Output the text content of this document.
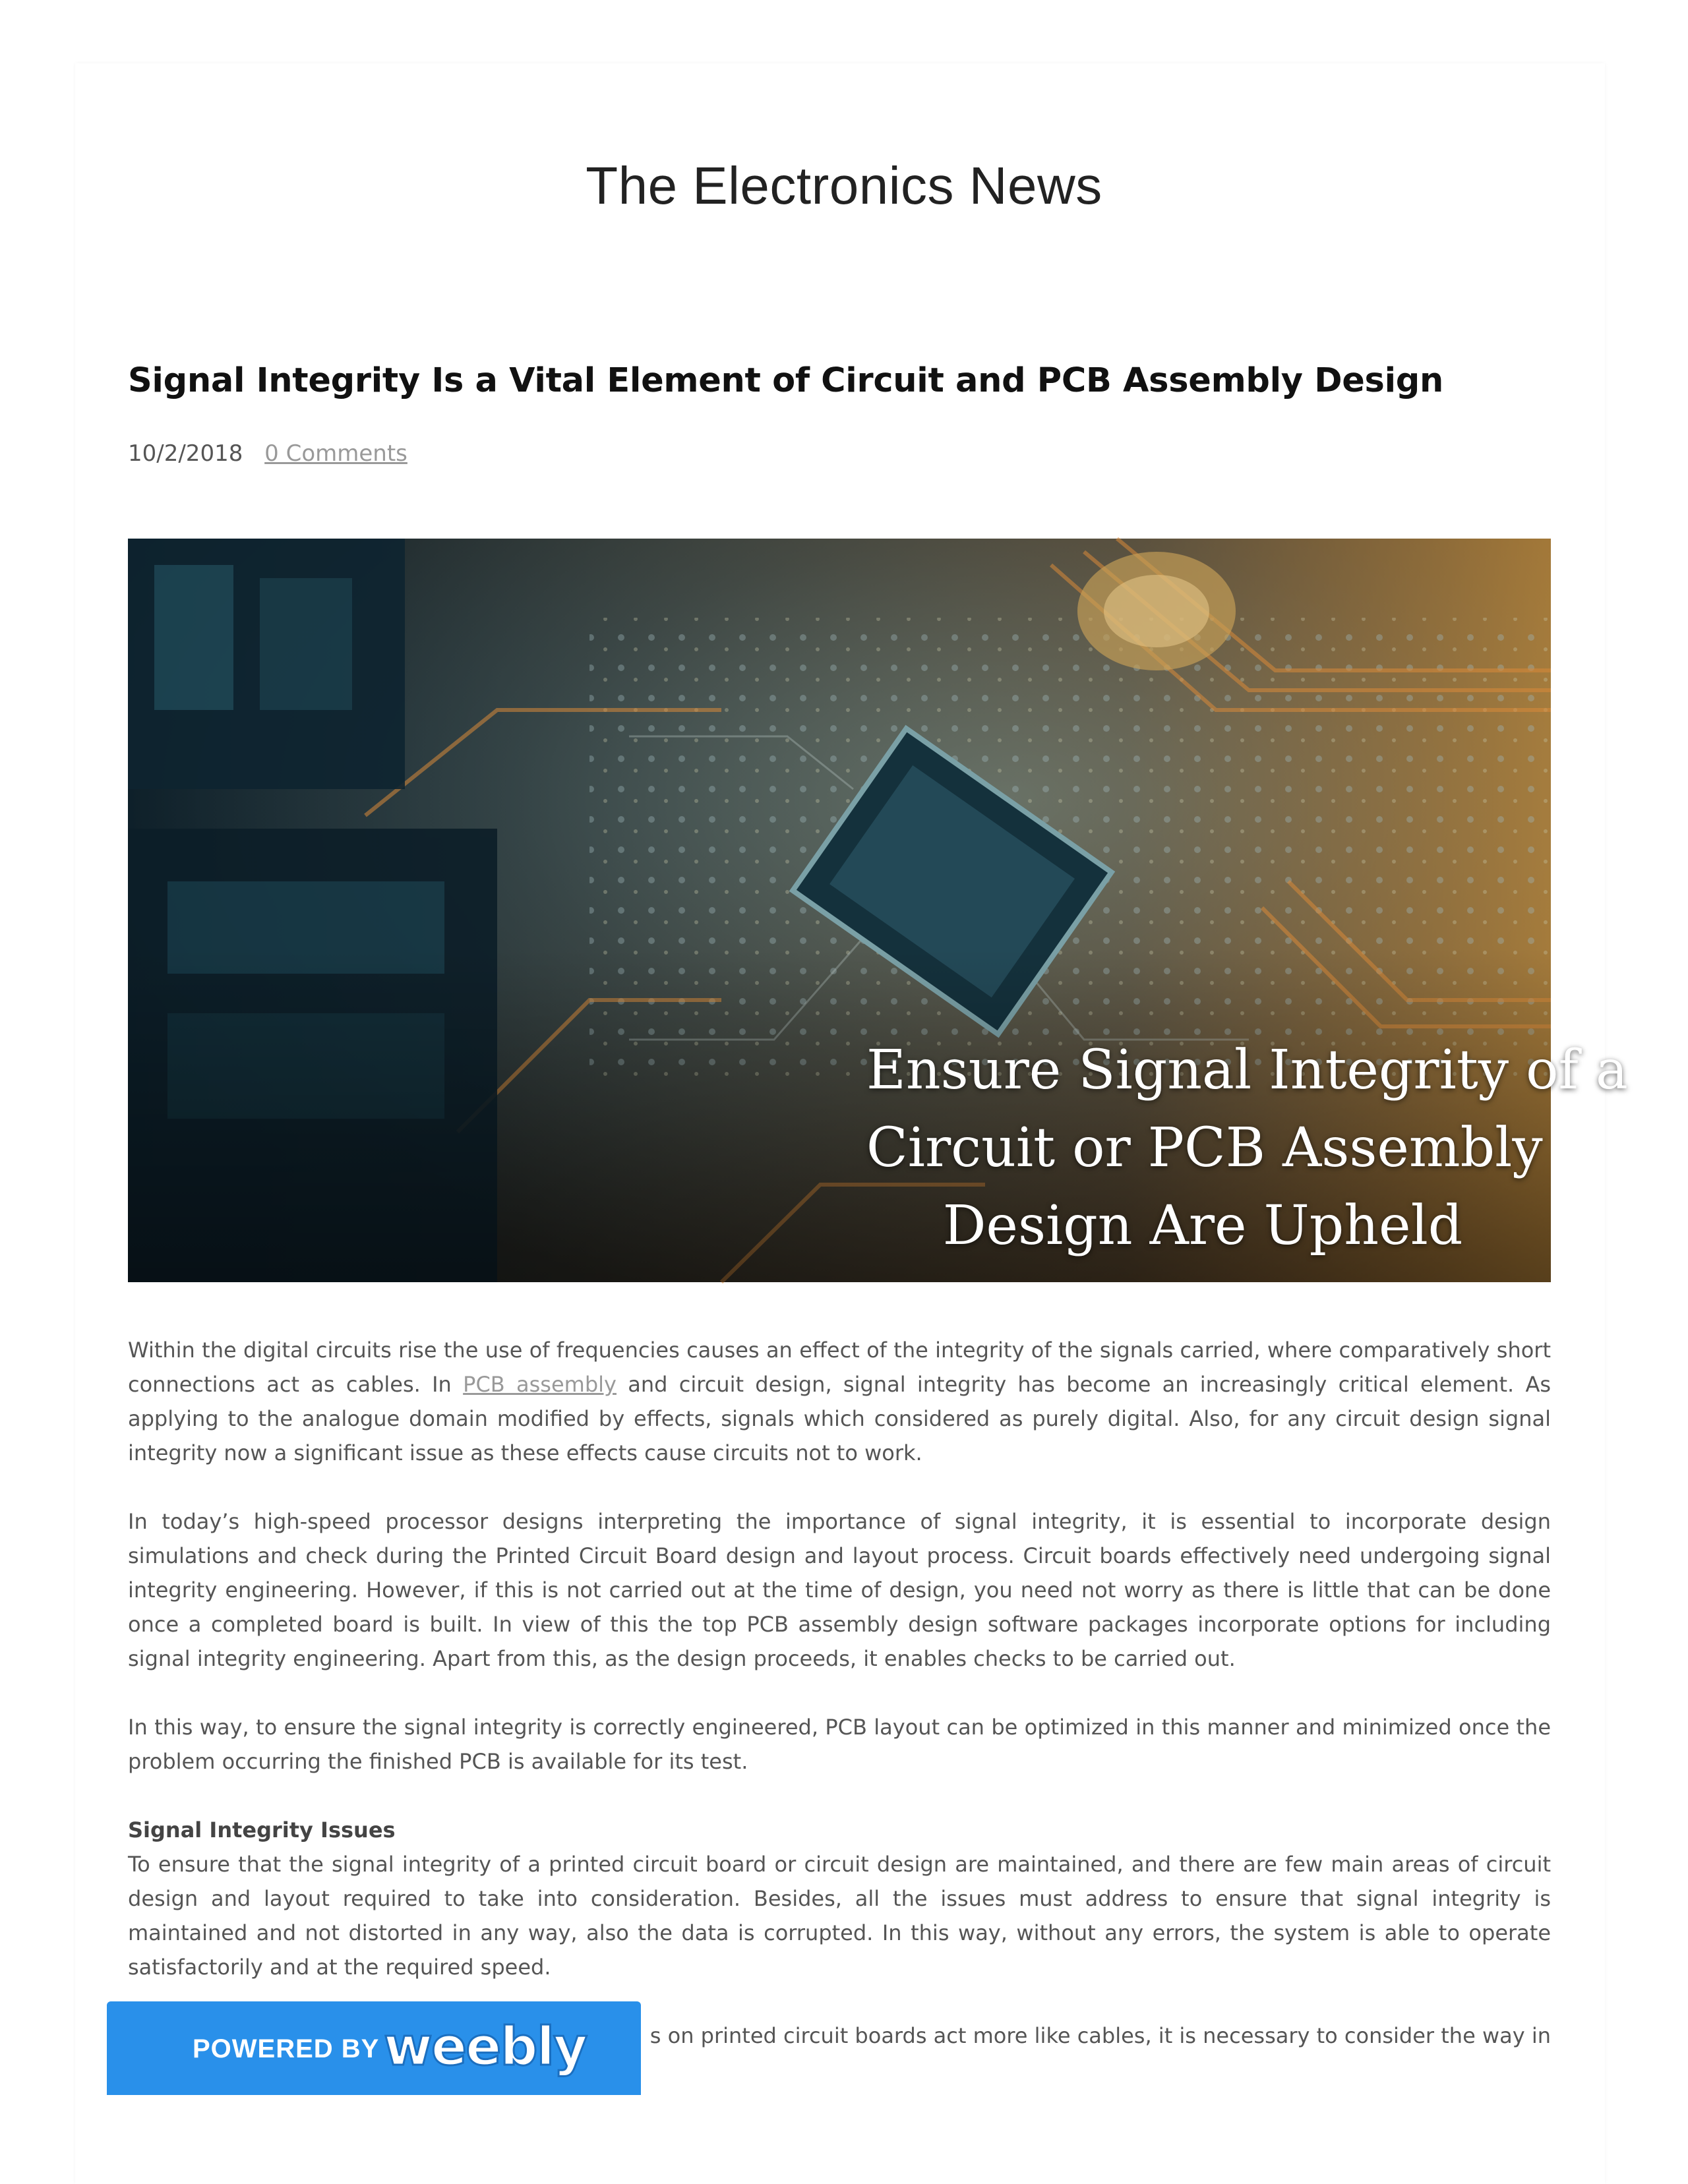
The Electronics News
Signal Integrity Is a Vital Element of Circuit and PCB Assembly Design
10/2/2018 0 Comments
Ensure Signal Integrity of a
Circuit or PCB Assembly
Design Are Upheld

Within the digital circuits rise the use of frequencies causes an effect of the integrity of the signals carried, where comparatively short connections act as cables. In PCB assembly and circuit design, signal integrity has become an increasingly critical element. As applying to the analogue domain modified by effects, signals which considered as purely digital. Also, for any circuit design signal integrity now a significant issue as these effects cause circuits not to work.

In today’s high-speed processor designs interpreting the importance of signal integrity, it is essential to incorporate design simulations and check during the Printed Circuit Board design and layout process. Circuit boards effectively need undergoing signal integrity engineering. However, if this is not carried out at the time of design, you need not worry as there is little that can be done once a completed board is built. In view of this the top PCB assembly design software packages incorporate options for including signal integrity engineering. Apart from this, as the design proceeds, it enables checks to be carried out.

In this way, to ensure the signal integrity is correctly engineered, PCB layout can be optimized in this manner and minimized once the problem occurring the finished PCB is available for its test.

Signal Integrity Issues

To ensure that the signal integrity of a printed circuit board or circuit design are maintained, and there are few main areas of circuit design and layout required to take into consideration. Besides, all the issues must address to ensure that signal integrity is maintained and not distorted in any way, also the data is corrupted. In this way, without any errors, the system is able to operate satisfactorily and at the required speed.

s on printed circuit boards act more like cables, it is necessary to consider the way in

POWERED BY weebly
